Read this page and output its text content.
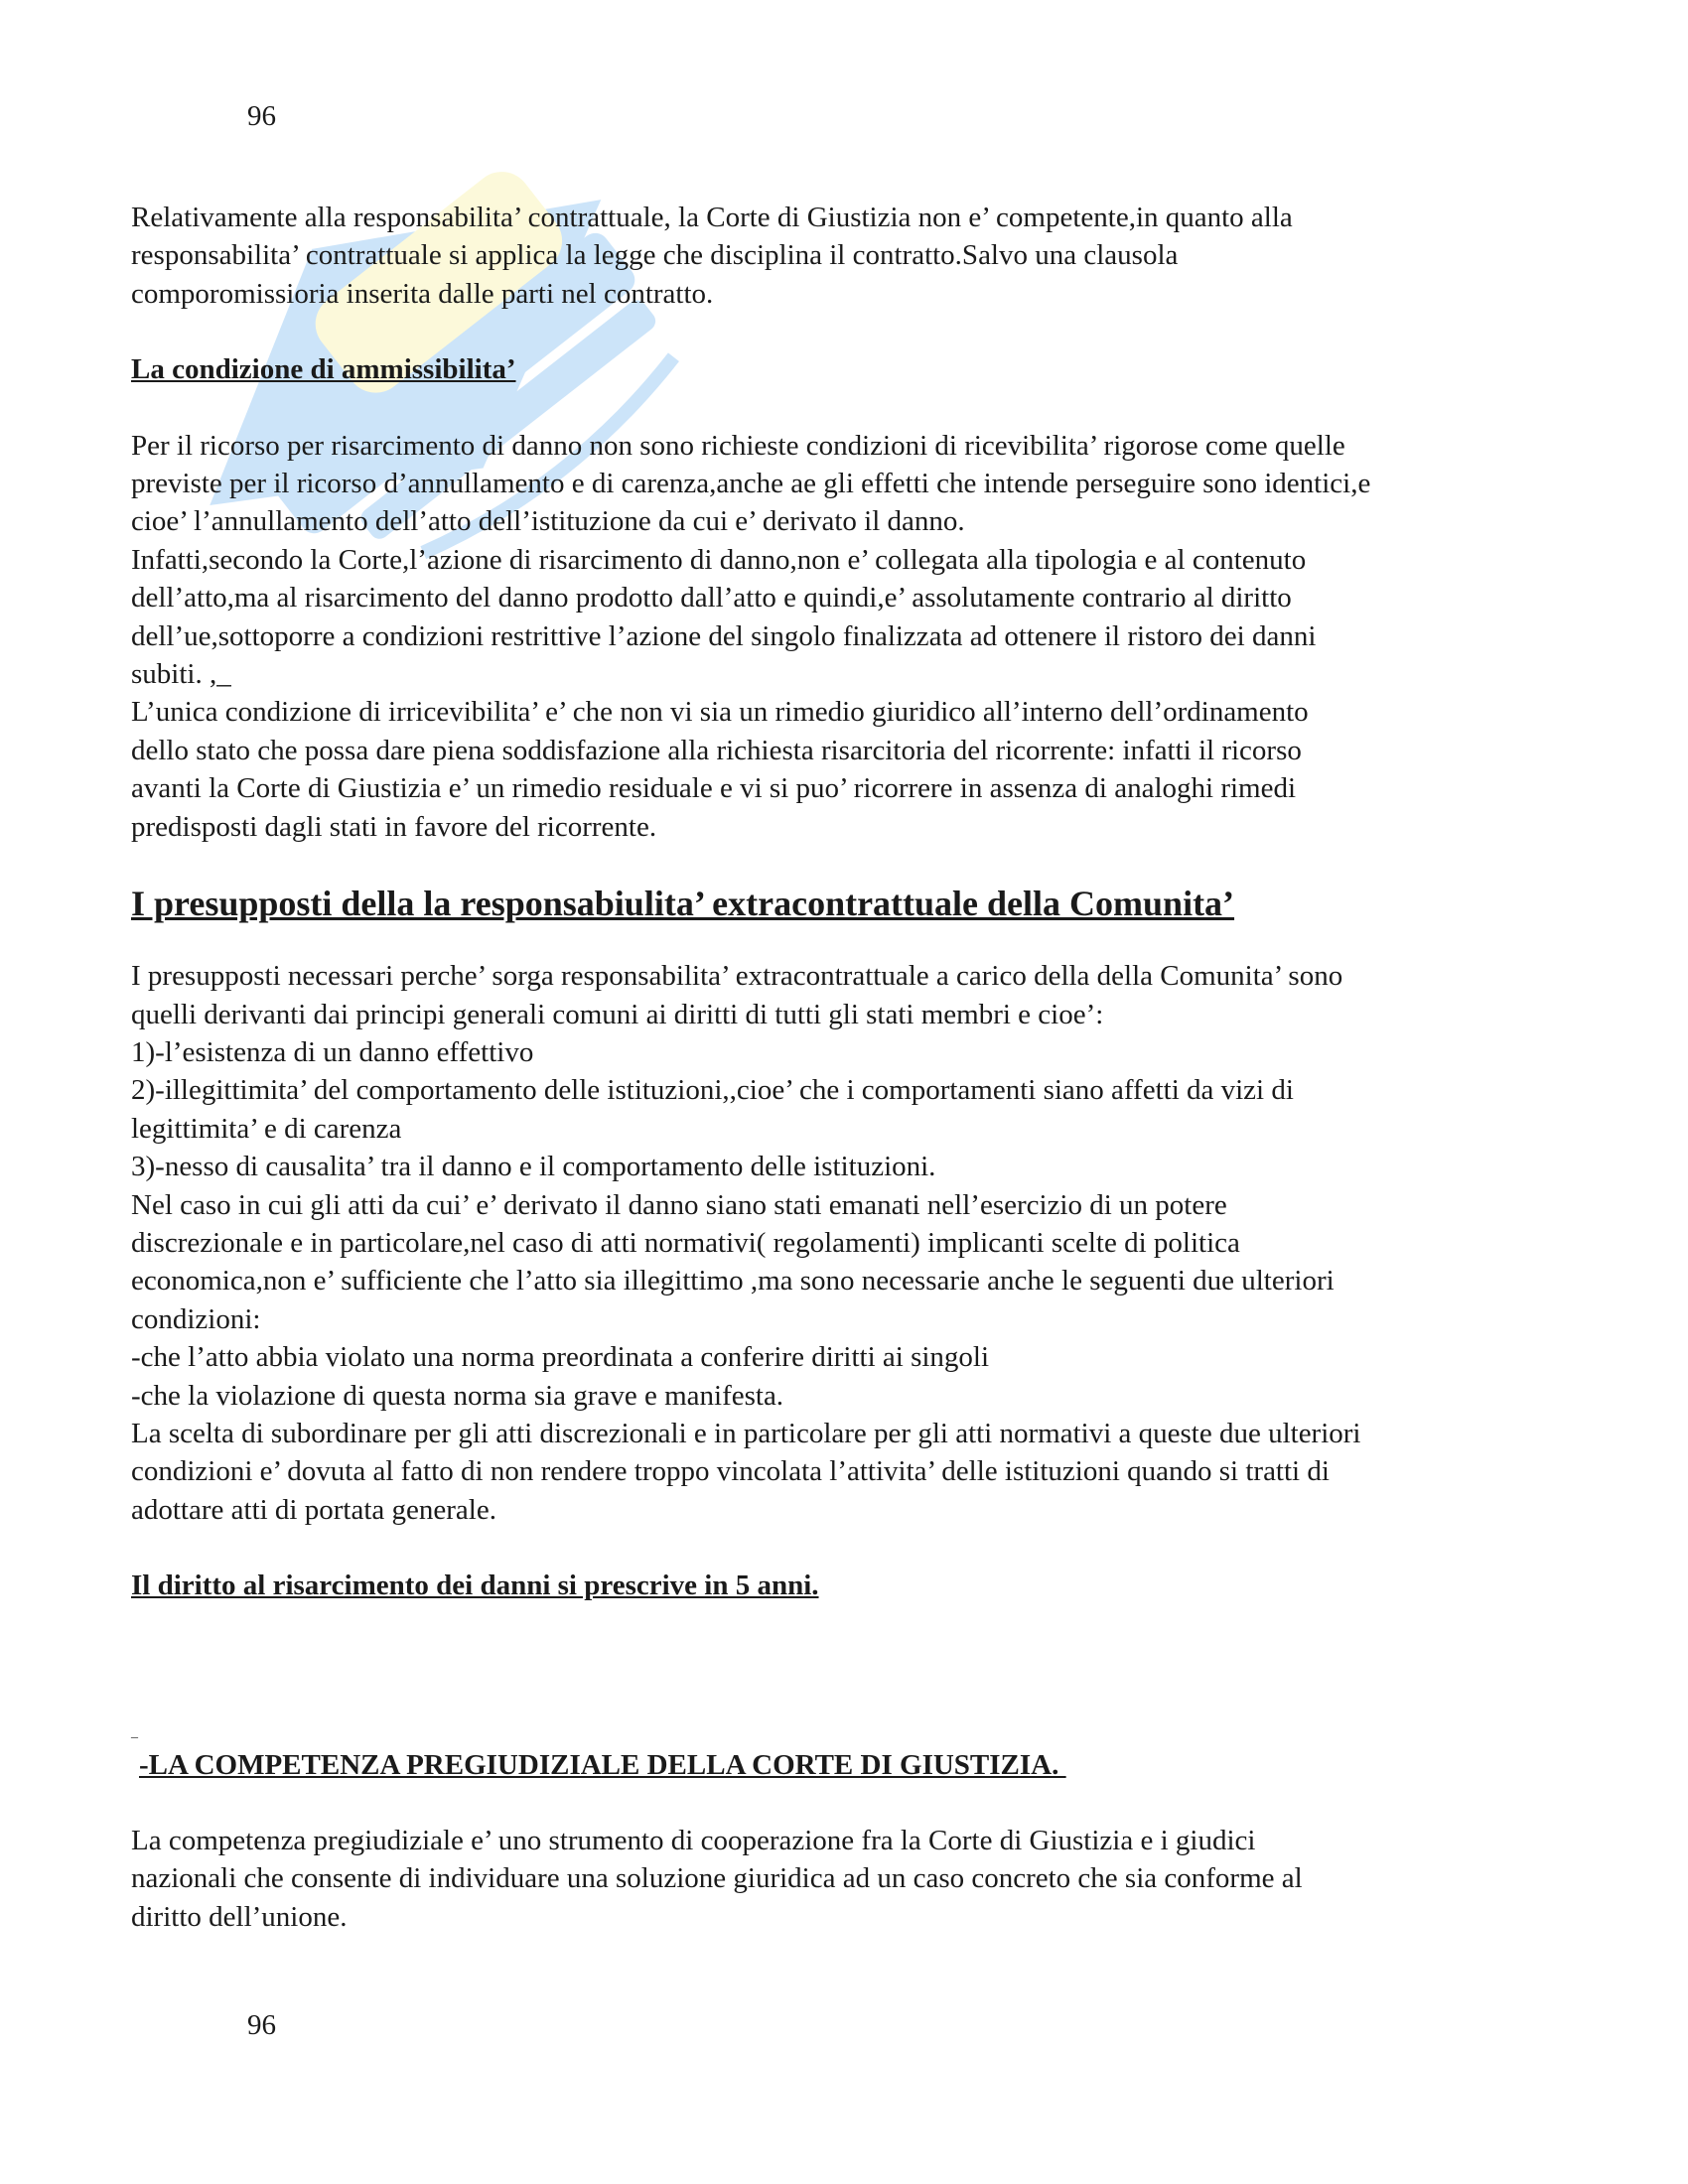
96

Relativamente alla responsabilita’ contrattuale, la Corte di Giustizia non e’ competente,in quanto alla
responsabilita’ contrattuale si applica la legge che disciplina il contratto.Salvo una clausola
comporomissioria inserita dalle parti nel contratto.

La condizione di ammissibilita’

Per il ricorso per risarcimento di danno non sono richieste condizioni di ricevibilita’ rigorose come quelle
previste per il ricorso d’annullamento e di carenza,anche ae gli effetti che intende perseguire sono identici,e
cioe’ l’annullamento dell’atto dell’istituzione da cui e’ derivato il danno.
Infatti,secondo la Corte,l’azione di risarcimento di danno,non e’ collegata alla tipologia e al contenuto
dell’atto,ma al risarcimento del danno prodotto dall’atto e quindi,e’ assolutamente contrario al diritto
dell’ue,sottoporre a condizioni restrittive l’azione del singolo finalizzata ad ottenere il ristoro dei danni
subiti. ,_
L’unica condizione di irricevibilita’ e’ che non vi sia un rimedio giuridico all’interno dell’ordinamento
dello stato che possa dare piena soddisfazione alla richiesta risarcitoria del ricorrente: infatti il ricorso
avanti la Corte di Giustizia e’ un rimedio residuale e vi si puo’ ricorrere in assenza di analoghi rimedi
predisposti dagli stati in favore del ricorrente.

I presupposti della la responsabiulita’ extracontrattuale della Comunita’

I presupposti necessari perche’ sorga responsabilita’ extracontrattuale a carico della della Comunita’ sono
quelli derivanti dai principi generali comuni ai diritti di tutti gli stati membri e cioe’:
1)-l’esistenza di un danno effettivo
2)-illegittimita’ del comportamento delle istituzioni,,cioe’ che i comportamenti siano affetti da vizi di
legittimita’ e di carenza
3)-nesso di causalita’ tra il danno e il comportamento delle istituzioni.
Nel caso in cui gli atti da cui’ e’ derivato il danno siano stati emanati nell’esercizio di un potere
discrezionale e in particolare,nel caso di atti normativi( regolamenti) implicanti scelte di politica
economica,non e’ sufficiente che l’atto sia illegittimo ,ma sono necessarie anche le seguenti due ulteriori
condizioni:
-che l’atto abbia violato una norma preordinata a conferire diritti ai singoli
-che la violazione di questa norma sia grave e manifesta.
La scelta di subordinare per gli atti discrezionali e in particolare per gli atti normativi a queste due ulteriori
condizioni e’ dovuta al fatto di non rendere troppo vincolata l’attivita’ delle istituzioni quando si tratti di
adottare atti di portata generale.

Il diritto al risarcimento dei danni si prescrive in 5 anni.

_
-LA COMPETENZA PREGIUDIZIALE DELLA CORTE DI GIUSTIZIA.

La competenza pregiudiziale e’ uno strumento di cooperazione fra la Corte di Giustizia e i giudici
nazionali che consente di individuare una soluzione giuridica ad un caso concreto che sia conforme al
diritto dell’unione.

96
